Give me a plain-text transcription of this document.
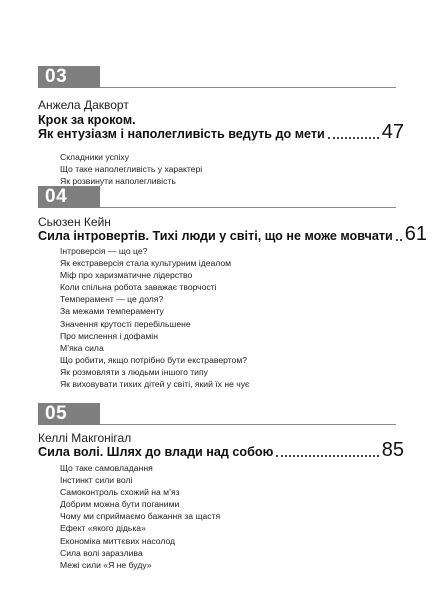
03
Анжела Дакворт
Крок за кроком.
Як ентузіазм і наполегливість ведуть до мети	47
Складники успіху
Що таке наполегливість у характері
Як розвинути наполегливість
04
Сьюзен Кейн
Сила інтровертів. Тихі люди у світі, що не може мовчати 61
Інтроверсія — що це?
Як екстраверсія стала культурним ідеалом
Міф про харизматичне лідерство
Коли спільна робота заважає творчості
Темперамент — це доля?
За межами темпераменту
Значення крутості перебільшене
Про мислення і дофамін
М’яка сила
Що робити, якщо потрібно бути екстравертом?
Як розмовляти з людьми іншого типу
Як виховувати тихих дітей у світі, який їх не чує
05
Келлі Макгонігал
Сила волі. Шлях до влади над собою	85
Що таке самовладання
Інстинкт сили волі
Самоконтроль схожий на м’яз
Добрим можна бути поганими
Чому ми сприймаємо бажання за щастя
Ефект «якого дідька»
Економіка миттєвих насолод
Сила волі заразлива
Межі сили «Я не буду»
